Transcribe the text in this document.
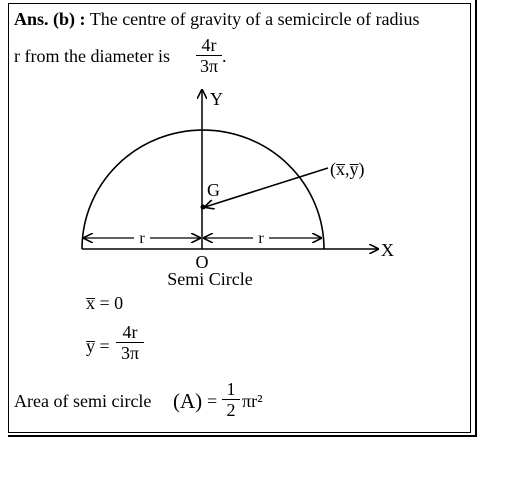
Ans. (b) : The centre of gravity of a semicircle of radius
r from the diameter is $\frac{4r}{3\pi}$ .
Y
X
G
(x̅,y̅)
r	r
O
Semi Circle
x̅ = 0
y̅ = $\frac{4r}{3\pi}$
Area of semi circle $(A) = \frac{1}{2} \pi r^2$
